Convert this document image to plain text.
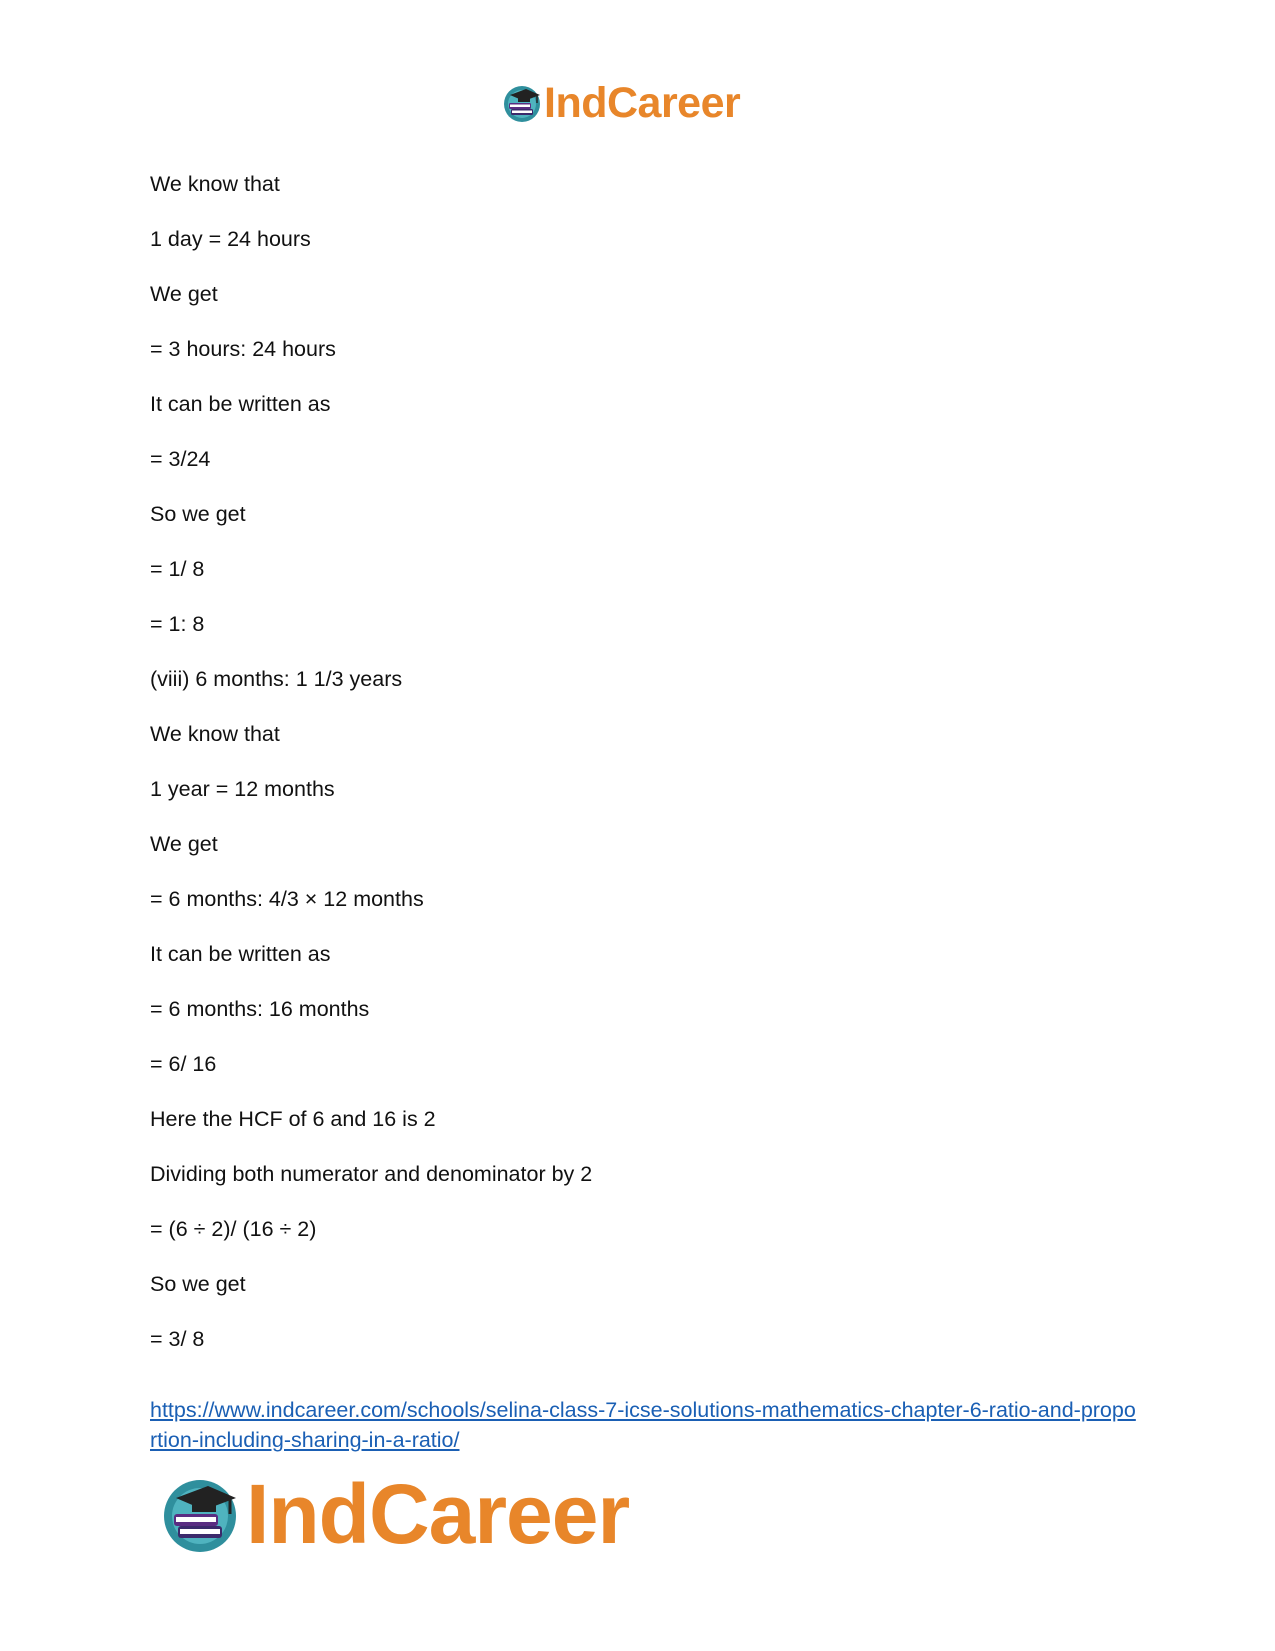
IndCareer
We know that
1 day = 24 hours
We get
= 3 hours: 24 hours
It can be written as
= 3/24
So we get
= 1/ 8
= 1: 8
(viii) 6 months: 1 1/3 years
We know that
1 year = 12 months
We get
= 6 months: 4/3 × 12 months
It can be written as
= 6 months: 16 months
= 6/ 16
Here the HCF of 6 and 16 is 2
Dividing both numerator and denominator by 2
= (6 ÷ 2)/ (16 ÷ 2)
So we get
= 3/ 8
https://www.indcareer.com/schools/selina-class-7-icse-solutions-mathematics-chapter-6-ratio-and-proportion-including-sharing-in-a-ratio/
IndCareer
